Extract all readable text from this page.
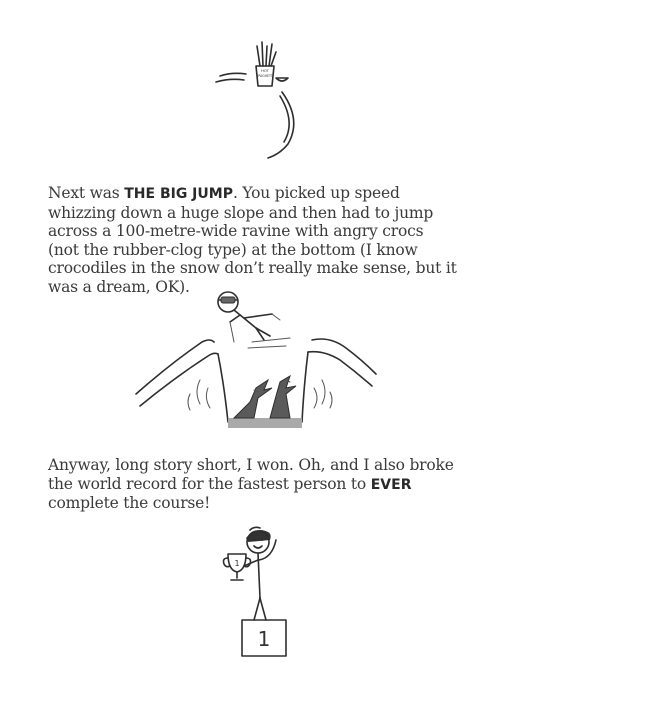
HOT
SPAGHETTI

Next was THE BIG JUMP. You picked up speed whizzing down a huge slope and then had to jump across a 100-metre-wide ravine with angry crocs (not the rubber-clog type) at the bottom (I know crocodiles in the snow don’t really make sense, but it was a dream, OK).

Anyway, long story short, I won. Oh, and I also broke the world record for the fastest person to EVER complete the course!

1
1
